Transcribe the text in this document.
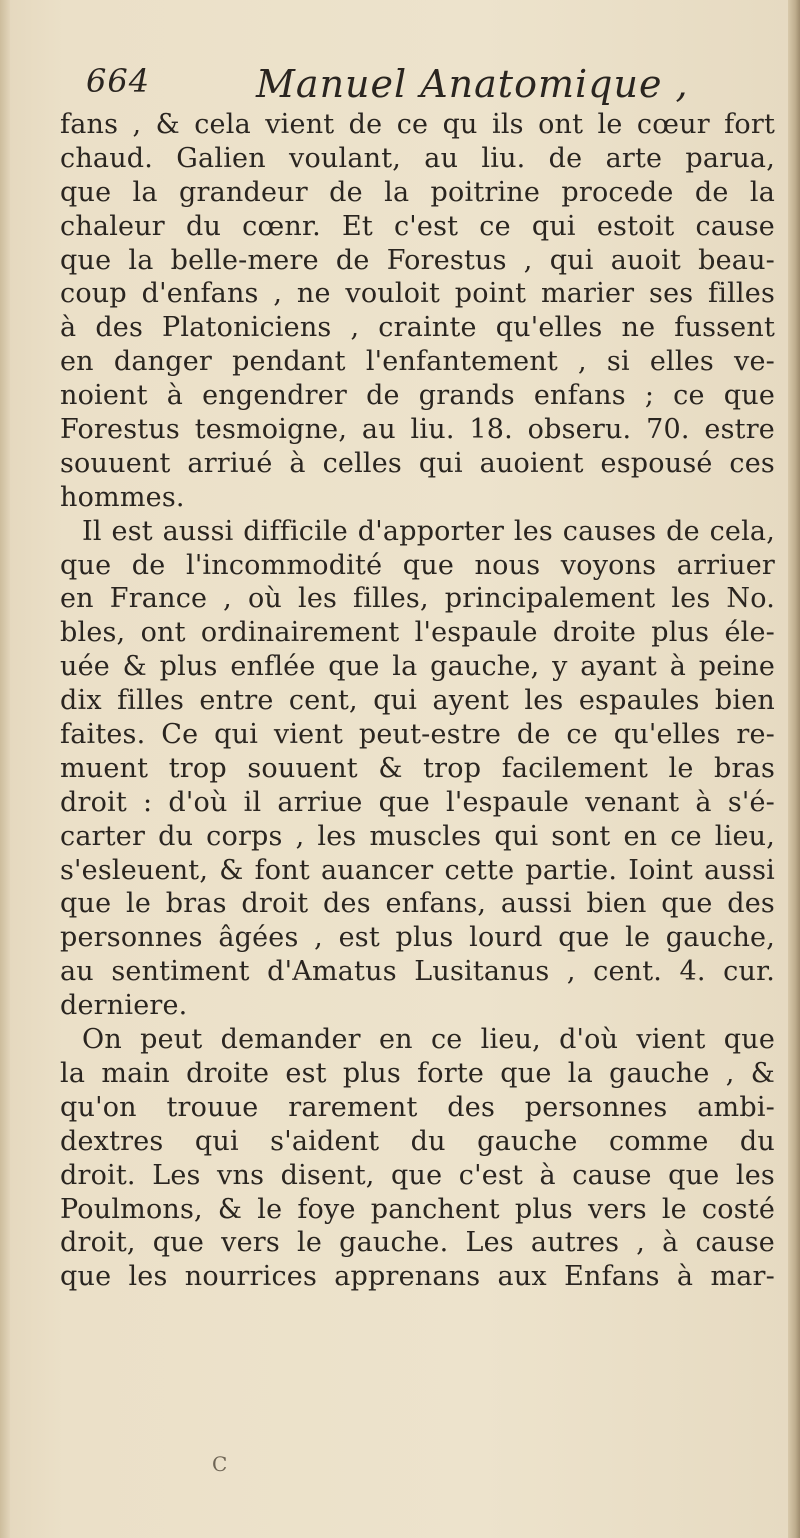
664	Manuel Anatomique ,
fans , & cela vient de ce qu ils ont le cœur fort
chaud. Galien voulant, au liu. de arte parua,
que la grandeur de la poitrine procede de la
chaleur du cœnr. Et c'est ce qui estoit cause
que la belle-mere de Forestus , qui auoit beau-
coup d'enfans , ne vouloit point marier ses filles
à des Platoniciens , crainte qu'elles ne fussent
en danger pendant l'enfantement , si elles ve-
noient à engendrer de grands enfans ; ce que
Forestus tesmoigne, au liu. 18. obseru. 70. estre
souuent arriué à celles qui auoient espousé ces
hommes.
Il est aussi difficile d'apporter les causes de cela,
que de l'incommodité que nous voyons arriuer
en France , où les filles, principalement les No.
bles, ont ordinairement l'espaule droite plus éle-
uée & plus enflée que la gauche, y ayant à peine
dix filles entre cent, qui ayent les espaules bien
faites. Ce qui vient peut-estre de ce qu'elles re-
muent trop souuent & trop facilement le bras
droit : d'où il arriue que l'espaule venant à s'é-
carter du corps , les muscles qui sont en ce lieu,
s'esleuent, & font auancer cette partie. Ioint aussi
que le bras droit des enfans, aussi bien que des
personnes âgées , est plus lourd que le gauche,
au sentiment d'Amatus Lusitanus , cent. 4. cur.
derniere.
On peut demander en ce lieu, d'où vient que
la main droite est plus forte que la gauche , &
qu'on trouue rarement des personnes ambi-
dextres qui s'aident du gauche comme du
droit. Les vns disent, que c'est à cause que les
Poulmons, & le foye panchent plus vers le costé
droit, que vers le gauche. Les autres , à cause
que les nourrices apprenans aux Enfans à mar-
C
